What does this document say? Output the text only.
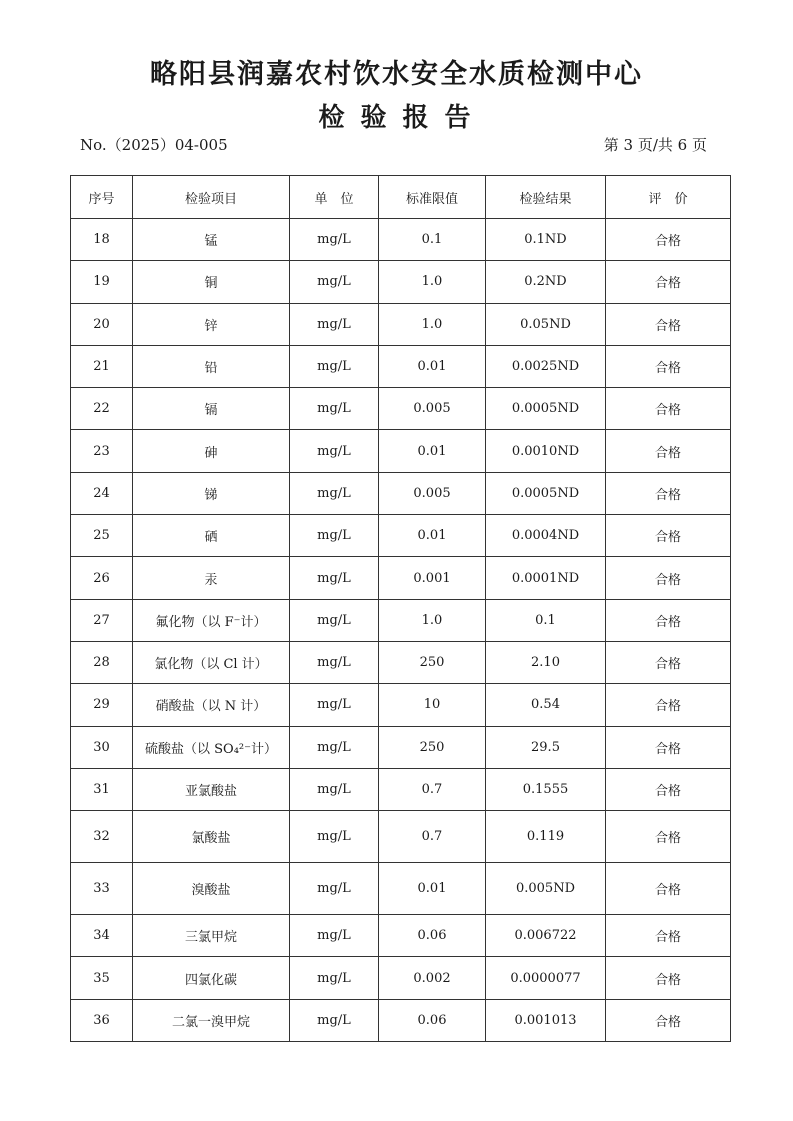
略阳县润嘉农村饮水安全水质检测中心
检验报告
No.（2025）04-005	第 3 页/共 6 页
序号	检验项目	单　位	标准限值	检验结果	评　价
18	锰	mg/L	0.1	0.1ND	合格
19	铜	mg/L	1.0	0.2ND	合格
20	锌	mg/L	1.0	0.05ND	合格
21	铅	mg/L	0.01	0.0025ND	合格
22	镉	mg/L	0.005	0.0005ND	合格
23	砷	mg/L	0.01	0.0010ND	合格
24	锑	mg/L	0.005	0.0005ND	合格
25	硒	mg/L	0.01	0.0004ND	合格
26	汞	mg/L	0.001	0.0001ND	合格
27	氟化物（以 F⁻计）	mg/L	1.0	0.1	合格
28	氯化物（以 Cl 计）	mg/L	250	2.10	合格
29	硝酸盐（以 N 计）	mg/L	10	0.54	合格
30	硫酸盐（以 SO₄²⁻计）	mg/L	250	29.5	合格
31	亚氯酸盐	mg/L	0.7	0.1555	合格
32	氯酸盐	mg/L	0.7	0.119	合格
33	溴酸盐	mg/L	0.01	0.005ND	合格
34	三氯甲烷	mg/L	0.06	0.006722	合格
35	四氯化碳	mg/L	0.002	0.0000077	合格
36	二氯一溴甲烷	mg/L	0.06	0.001013	合格
